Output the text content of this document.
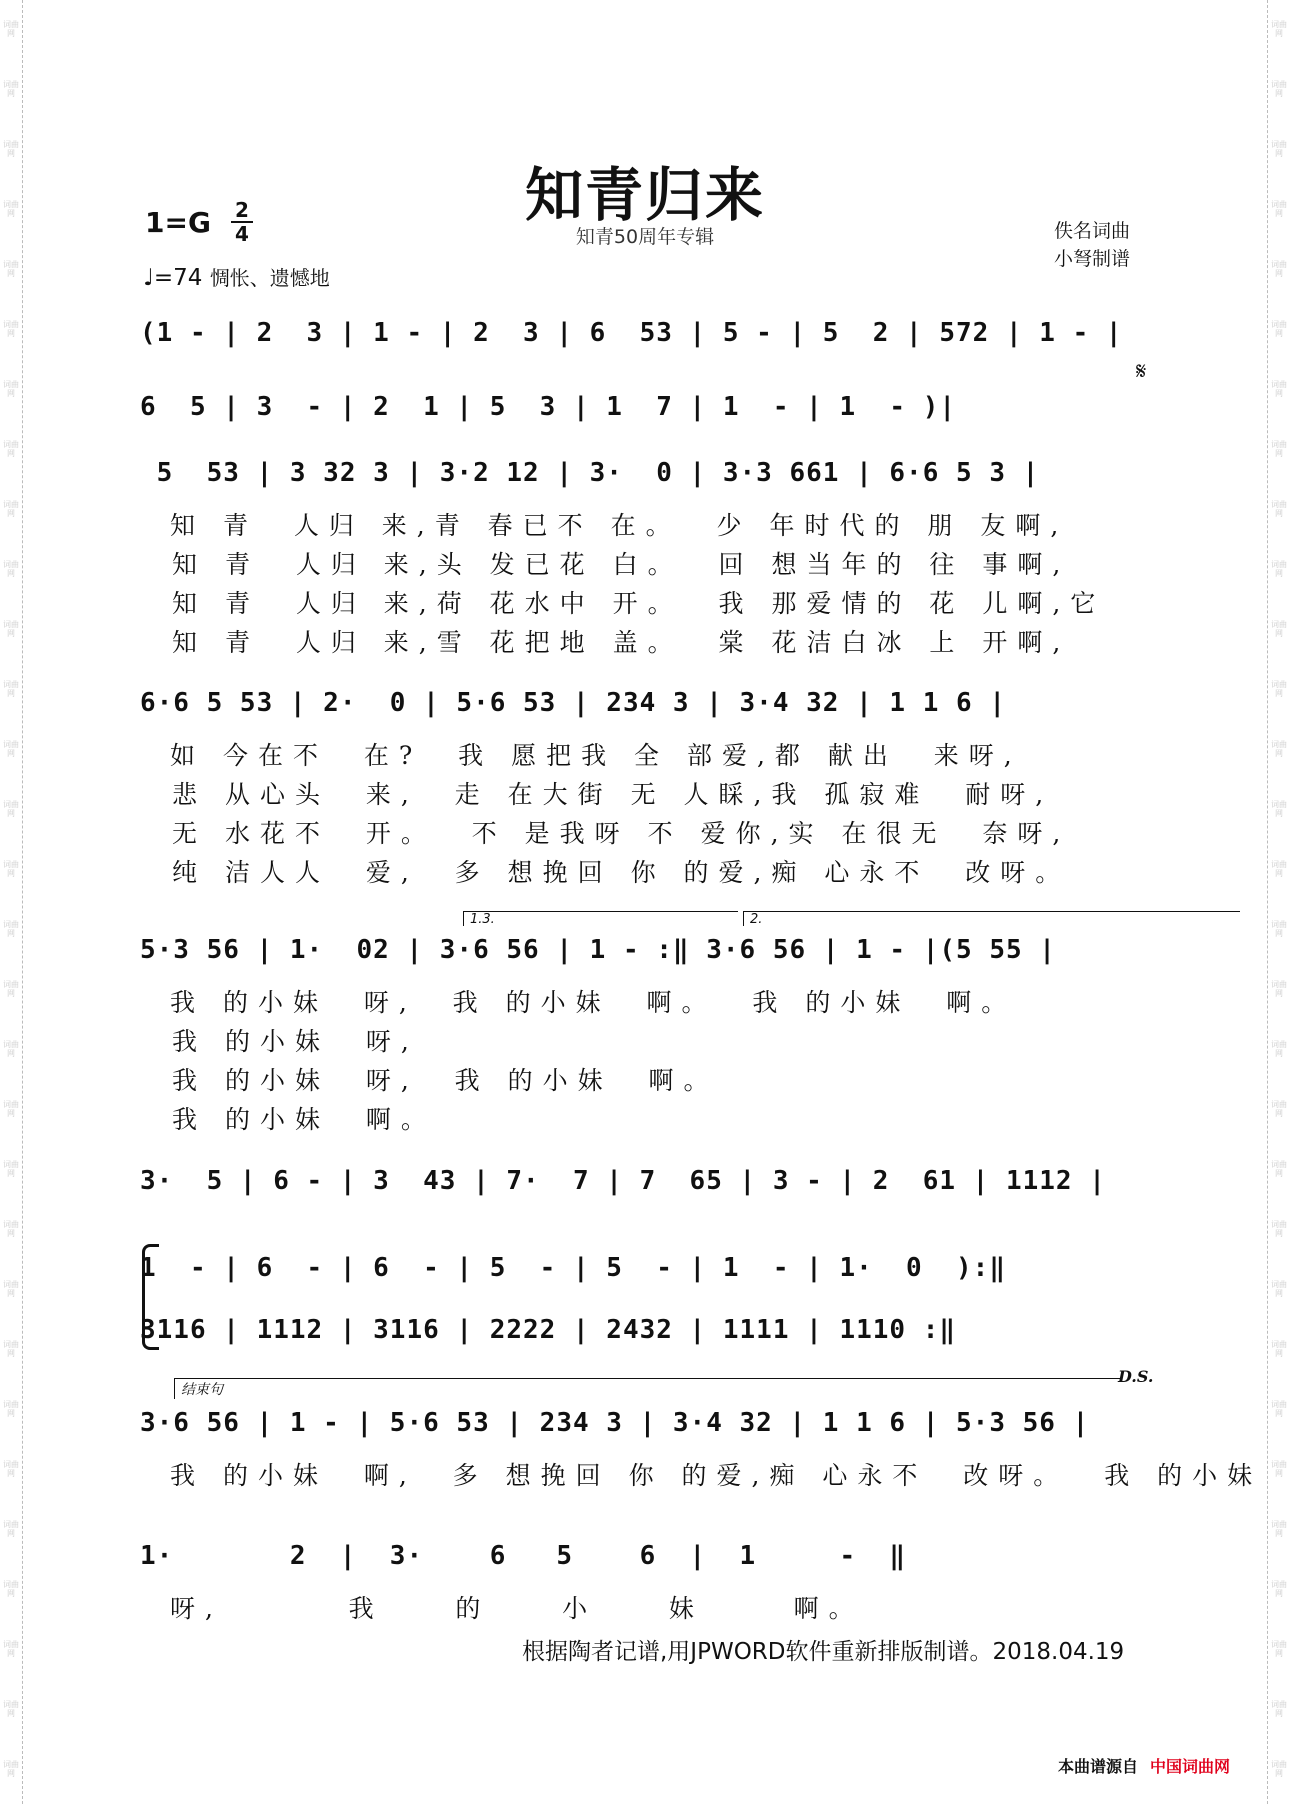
词曲网
词曲网
词曲网
词曲网
词曲网
词曲网
词曲网
词曲网
词曲网
词曲网
词曲网
词曲网
词曲网
词曲网
词曲网
词曲网
词曲网
词曲网
词曲网
词曲网
词曲网
词曲网
词曲网
词曲网
词曲网
词曲网
词曲网
词曲网
词曲网
词曲网
词曲网
词曲网
词曲网
词曲网
词曲网
词曲网
词曲网
词曲网
词曲网
词曲网
词曲网
词曲网
词曲网
词曲网
词曲网
词曲网
词曲网
词曲网
词曲网
词曲网
词曲网
词曲网
词曲网
词曲网
词曲网
词曲网
词曲网
词曲网
词曲网
词曲网
知青归来
知青50周年专辑
1=G 2
4
♩=74 惆怅、遗憾地
佚名词曲
小弩制谱
(1 - | 2  3 | 1 - | 2  3 | 6  53 | 5 - | 5  2 | 572 | 1 - |
6  5 | 3  - | 2  1 | 5  3 | 1  7 | 1  - | 1  - )|
5  53 | 3 32 3 | 3·2 12 | 3·  0 | 3·3 661 | 6·6 5 3 |
知 青  人归 来,青 春已不 在。  少 年时代的 朋 友啊,
知 青  人归 来,头 发已花 白。  回 想当年的 往 事啊,
知 青  人归 来,荷 花水中 开。  我 那爱情的 花 儿啊,它
知 青  人归 来,雪 花把地 盖。  棠 花洁白冰 上 开啊,
6·6 5 53 | 2·  0 | 5·6 53 | 234 3 | 3·4 32 | 1 1 6 |
如 今在不  在?  我 愿把我 全 部爱,都 献出  来呀,
悲 从心头  来,  走 在大街 无 人睬,我 孤寂难  耐呀,
无 水花不  开。  不 是我呀 不 爱你,实 在很无  奈呀,
纯 洁人人  爱,  多 想挽回 你 的爱,痴 心永不  改呀。
5·3 56 | 1·  02 | 3·6 56 | 1 - :‖ 3·6 56 | 1 - |(5 55 |
我 的小妹  呀,  我 的小妹  啊。  我 的小妹  啊。
我 的小妹  呀,
我 的小妹  呀,  我 的小妹  啊。
我 的小妹  啊。
1.3.	2.
3·  5 | 6 - | 3  43 | 7·  7 | 7  65 | 3 - | 2  61 | 1112 |
1  - | 6  - | 6  - | 5  - | 5  - | 1  - | 1·  0  ):‖
3116 | 1112 | 3116 | 2222 | 2432 | 1111 | 1110 :‖
3·6 56 | 1 - | 5·6 53 | 234 3 | 3·4 32 | 1 1 6 | 5·3 56 |
我 的小妹  啊,  多 想挽回 你 的爱,痴 心永不  改呀。  我 的小妹
结束句
1·       2  |  3·    6   5    6  |  1     -  ‖
呀,       我    的    小    妹     啊。
𝄋
D.S.
根据陶者记谱,用JPWORD软件重新排版制谱。2018.04.19
本曲谱源自 中国词曲网
